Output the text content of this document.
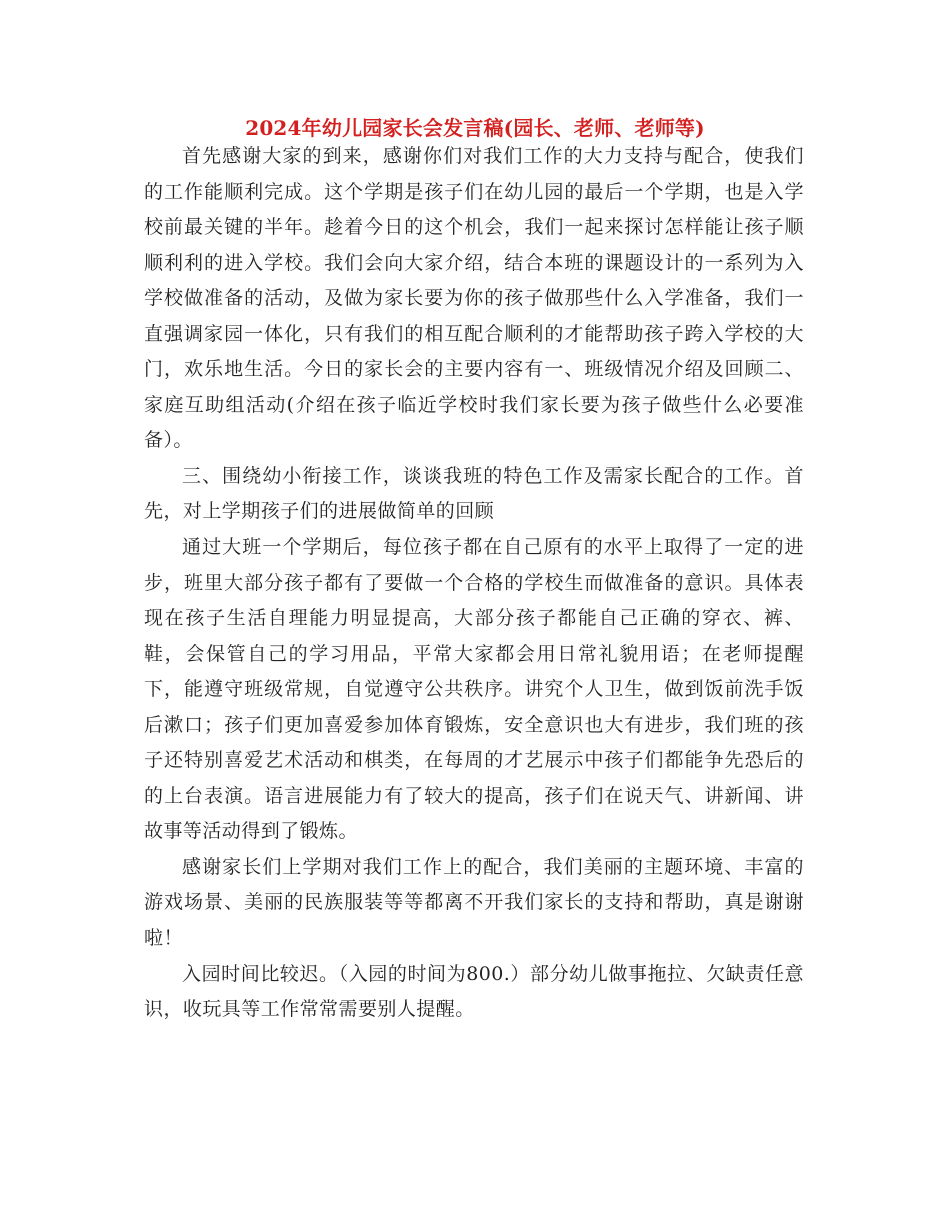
2024年幼儿园家长会发言稿(园长、老师、老师等)

首先感谢大家的到来，感谢你们对我们工作的大力支持与配合，使我们的工作能顺利完成。这个学期是孩子们在幼儿园的最后一个学期，也是入学校前最关键的半年。趁着今日的这个机会，我们一起来探讨怎样能让孩子顺顺利利的进入学校。我们会向大家介绍，结合本班的课题设计的一系列为入学校做准备的活动，及做为家长要为你的孩子做那些什么入学准备，我们一直强调家园一体化，只有我们的相互配合顺利的才能帮助孩子跨入学校的大门，欢乐地生活。今日的家长会的主要内容有一、班级情况介绍及回顾二、家庭互助组活动(介绍在孩子临近学校时我们家长要为孩子做些什么必要准备）。

三、围绕幼小衔接工作，谈谈我班的特色工作及需家长配合的工作。首先，对上学期孩子们的进展做简单的回顾

通过大班一个学期后，每位孩子都在自己原有的水平上取得了一定的进步，班里大部分孩子都有了要做一个合格的学校生而做准备的意识。具体表现在孩子生活自理能力明显提高，大部分孩子都能自己正确的穿衣、裤、鞋，会保管自己的学习用品，平常大家都会用日常礼貌用语；在老师提醒下，能遵守班级常规，自觉遵守公共秩序。讲究个人卫生，做到饭前洗手饭后漱口；孩子们更加喜爱参加体育锻炼，安全意识也大有进步，我们班的孩子还特别喜爱艺术活动和棋类，在每周的才艺展示中孩子们都能争先恐后的的上台表演。语言进展能力有了较大的提高，孩子们在说天气、讲新闻、讲故事等活动得到了锻炼。

感谢家长们上学期对我们工作上的配合，我们美丽的主题环境、丰富的游戏场景、美丽的民族服装等等都离不开我们家长的支持和帮助，真是谢谢啦！

入园时间比较迟。（入园的时间为800.）部分幼儿做事拖拉、欠缺责任意识，收玩具等工作常常需要别人提醒。
